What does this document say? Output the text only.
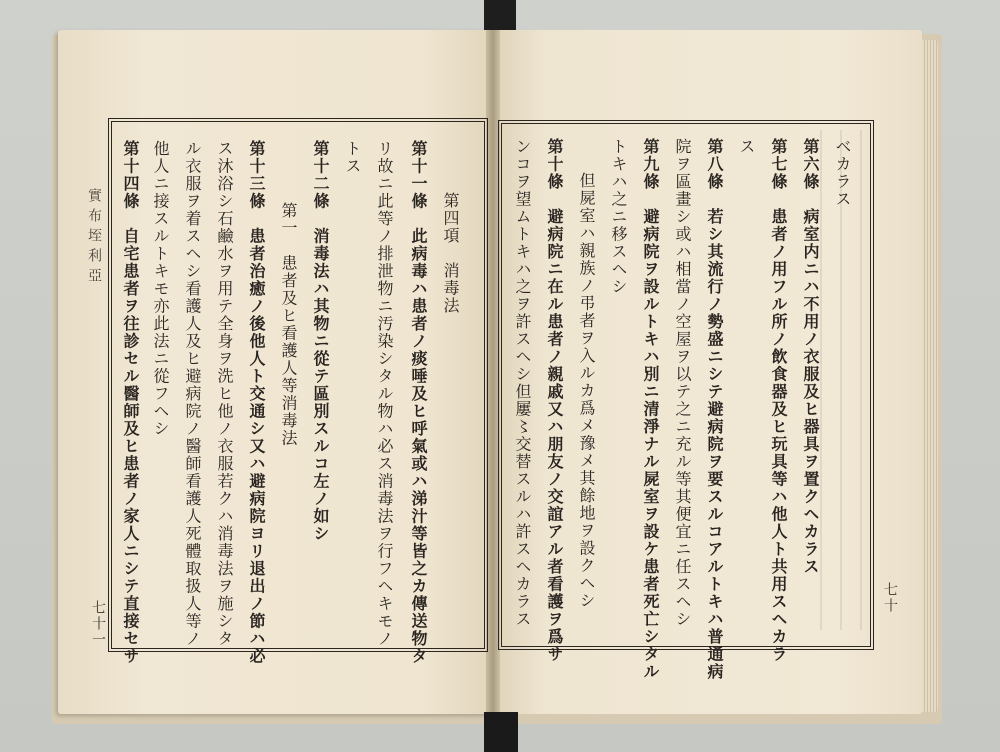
實布垤利亞
七十一
七十
第四項　消毒法
第十一條　此病毒ハ患者ノ痰唾及ヒ呼氣或ハ涕汁等皆之カ傳送物タ
リ故ニ此等ノ排泄物ニ汚染シタル物ハ必ス消毒法ヲ行フヘキモノ
トス
第十二條　消毒法ハ其物ニ從テ區別スルコ左ノ如シ
第一　患者及ヒ看護人等消毒法
第十三條　患者治癒ノ後他人ト交通シ又ハ避病院ヨリ退出ノ節ハ必
ス沐浴シ石鹼水ヲ用テ全身ヲ洗ヒ他ノ衣服若クハ消毒法ヲ施シタ
ル衣服ヲ着スヘシ看護人及ヒ避病院ノ醫師看護人死體取扱人等ノ
他人ニ接スルトキモ亦此法ニ從フヘシ
第十四條　自宅患者ヲ往診セル醫師及ヒ患者ノ家人ニシテ直接セサ	ベカラス
第六條　病室内ニハ不用ノ衣服及ヒ器具ヲ置クヘカラス
第七條　患者ノ用フル所ノ飲食器及ヒ玩具等ハ他人ト共用スヘカラ
ス
第八條　若シ其流行ノ勢盛ニシテ避病院ヲ要スルコアルトキハ普通病
院ヲ區畫シ或ハ相當ノ空屋ヲ以テ之ニ充ル等其便宜ニ任スヘシ
第九條　避病院ヲ設ルトキハ別ニ清淨ナル屍室ヲ設ケ患者死亡シタル
トキハ之ニ移スヘシ
但屍室ハ親族ノ弔者ヲ入ルカ爲メ豫メ其餘地ヲ設クヘシ
第十條　避病院ニ在ル患者ノ親戚又ハ朋友ノ交誼アル者看護ヲ爲サ
ンコヲ望ムトキハ之ヲ許スヘシ但屢〻交替スルハ許スヘカラス
